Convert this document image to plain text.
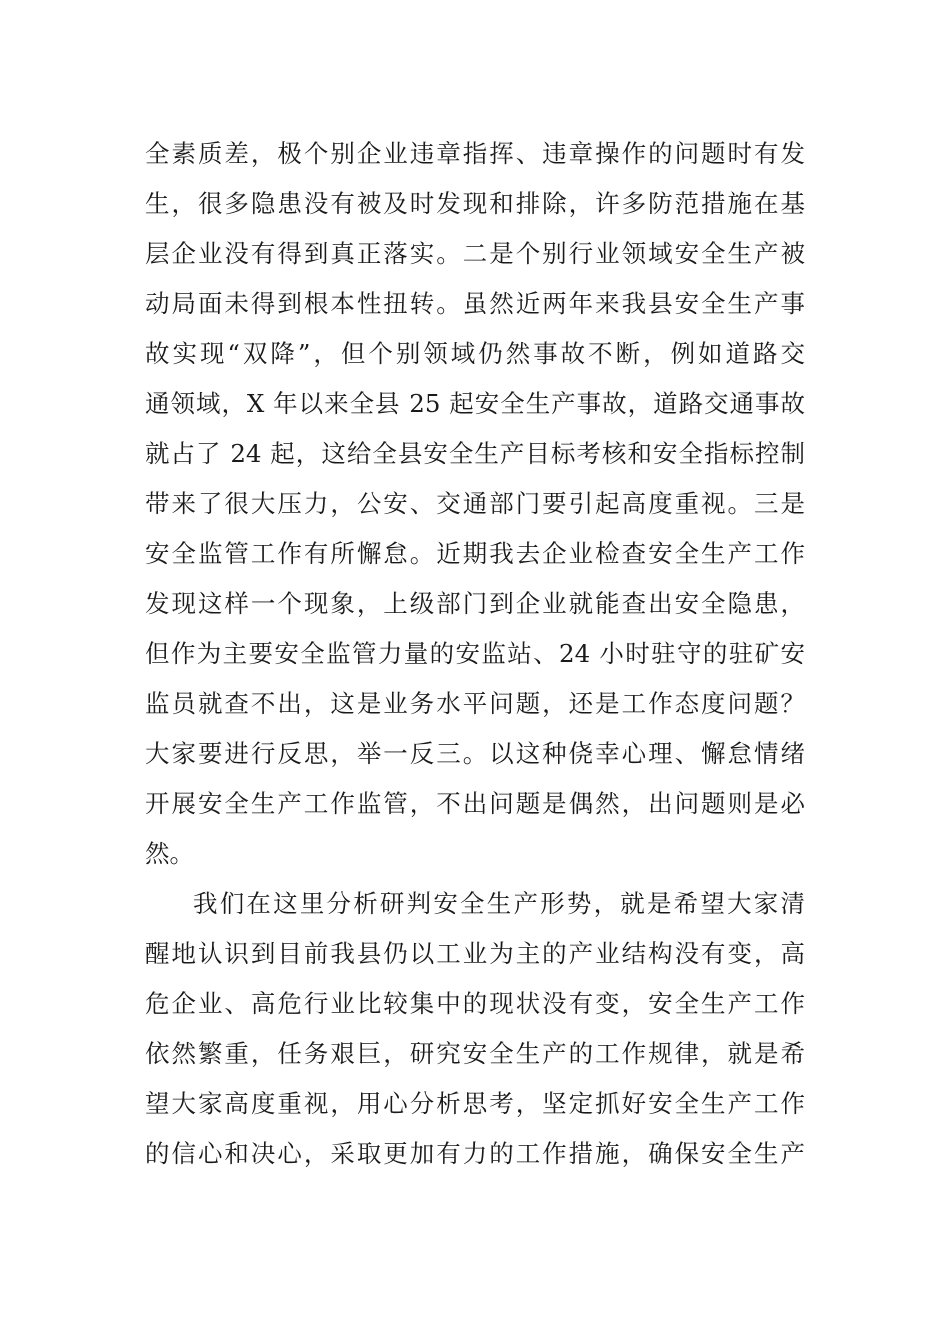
全素质差，极个别企业违章指挥、违章操作的问题时有发
生，很多隐患没有被及时发现和排除，许多防范措施在基
层企业没有得到真正落实。二是个别行业领域安全生产被
动局面未得到根本性扭转。虽然近两年来我县安全生产事
故实现“双降”，但个别领域仍然事故不断，例如道路交
通领域，X 年以来全县 25 起安全生产事故，道路交通事故
就占了 24 起，这给全县安全生产目标考核和安全指标控制
带来了很大压力，公安、交通部门要引起高度重视。三是
安全监管工作有所懈怠。近期我去企业检查安全生产工作
发现这样一个现象，上级部门到企业就能查出安全隐患，
但作为主要安全监管力量的安监站、24 小时驻守的驻矿安
监员就查不出，这是业务水平问题，还是工作态度问题？
大家要进行反思，举一反三。以这种侥幸心理、懈怠情绪
开展安全生产工作监管，不出问题是偶然，出问题则是必
然。
我们在这里分析研判安全生产形势，就是希望大家清
醒地认识到目前我县仍以工业为主的产业结构没有变，高
危企业、高危行业比较集中的现状没有变，安全生产工作
依然繁重，任务艰巨，研究安全生产的工作规律，就是希
望大家高度重视，用心分析思考，坚定抓好安全生产工作
的信心和决心，采取更加有力的工作措施，确保安全生产
